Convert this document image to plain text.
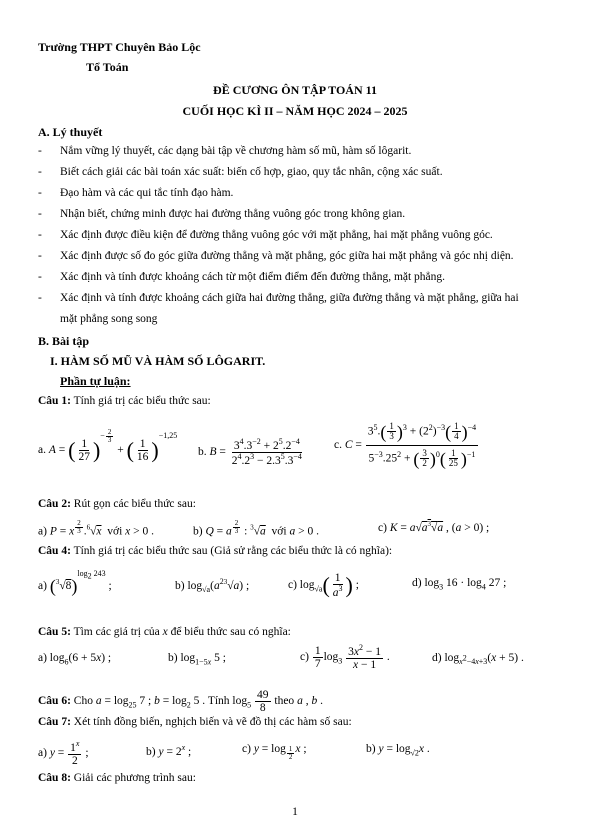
Trường THPT Chuyên Bảo Lộc
Tổ Toán
ĐỀ CƯƠNG ÔN TẬP TOÁN 11
CUỐI HỌC KÌ II – NĂM HỌC 2024 – 2025
A. Lý thuyết
- Nắm vững lý thuyết, các dạng bài tập về chương hàm số mũ, hàm số lôgarit.
- Biết cách giải các bài toán xác suất: biến cố hợp, giao, quy tắc nhân, cộng xác suất.
- Đạo hàm và các qui tắc tính đạo hàm.
- Nhận biết, chứng minh được hai đường thẳng vuông góc trong không gian.
- Xác định được điều kiện để đường thẳng vuông góc với mặt phẳng, hai mặt phẳng vuông góc.
- Xác định được số đo góc giữa đường thẳng và mặt phẳng, góc giữa hai mặt phẳng và góc nhị diện.
- Xác định và tính được khoảng cách từ một điểm điểm đến đường thẳng, mặt phẳng.
- Xác định và tính được khoảng cách giữa hai đường thẳng, giữa đường thẳng và mặt phẳng, giữa hai
mặt phẳng song song
B. Bài tập
I. HÀM SỐ MŨ VÀ HÀM SỐ LÔGARIT.
Phần tự luận:
Câu 1: Tính giá trị các biểu thức sau:
a. A = ( $\frac{1}{27} )^{- \frac{2}{3}}$
+ ( $\frac{1}{16} )^{-1,25}$
b. $B = \frac{3^4.3^{-2} + 2^5.2^{-4}}{2^4.2^3 - 2.3^5.3^{-4}}$	c. $C = \frac{3^5.( \frac{1}{3} )^3 + (2^2)^{-3}( \frac{1}{4} )^{-4}}{5^{-3}.25^2 + ( \frac{3}{2} )^0( \frac{1}{25} )^{-1}}$
Câu 2: Rút gọn các biểu thức sau:
a) P = x $^{\frac{2}{3}}$ .$^6$√x  với x > 0 .	b) Q = a $^{\frac{2}{3}}$ : $^3$√a  với a > 0 .	c) $K = a√a^3√a$ , (a > 0) ;
Câu 4: Tính giá trị các biểu thức sau (Giả sử rằng các biểu thức là có nghĩa):
a) $(^3√8)^{log_2 243}$ ;	b) $\log_{√a}(a^{23}√a)$ ;	c) $\log_{√a}( \frac{1}{a^3}$ ) ;	d) $\log_3 16 \cdot \log_4 27$ ;
Câu 5: Tìm các giá trị của x để biểu thức sau có nghĩa:
a) $\log_6(6 + 5x)$ ;	b) $\log_{1-5x} 5$ ;	$c) \frac{1}{7} \log_3 \frac{3x^2 - 1}{x - 1}$ .	d) $\log_{x^2-4x+3}(x + 5)$ .
Câu 6: Cho $a = \log_{25} 7$ ; $b = \log_2 5$ . Tính $\log_5 \frac{49}{8}$ theo a , b .
Câu 7: Xét tính đồng biến, nghịch biến và vẽ đồ thị các hàm số sau:
a) $y = \frac{1^x}{2}$ ;	b) $y = 2^x$ ;	c) y = log $_{\frac{1}{2}}$ x ;	b) $y = \log_{√2}x$ .
Câu 8: Giải các phương trình sau:
1
